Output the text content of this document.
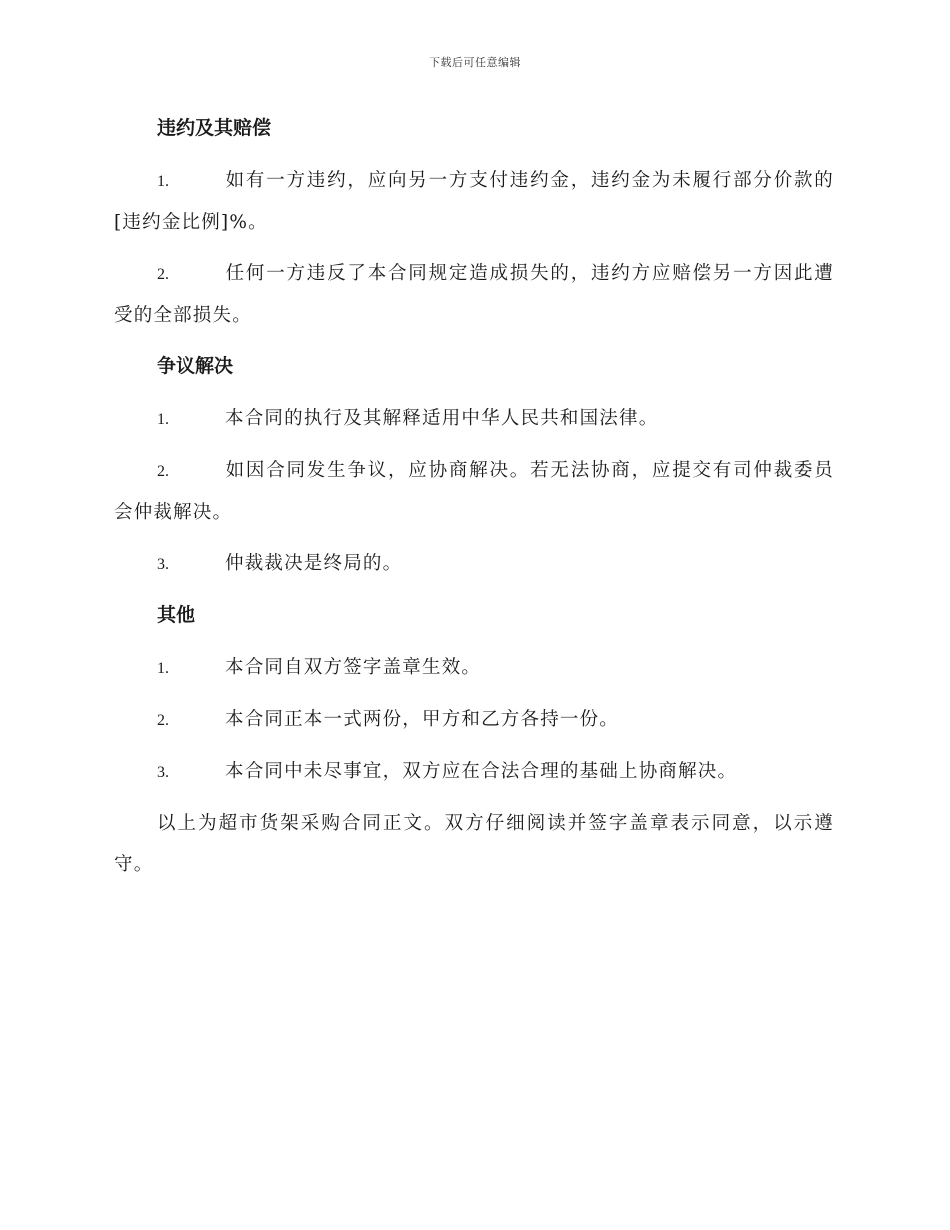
下载后可任意编辑
违约及其赔偿
1.	如有一方违约，应向另一方支付违约金，违约金为未履行部分价款的 [违约金比例]%。
2.	任何一方违反了本合同规定造成损失的，违约方应赔偿另一方因此遭受的全部损失。
争议解决
1.	本合同的执行及其解释适用中华人民共和国法律。
2.	如因合同发生争议，应协商解决。若无法协商，应提交有司仲裁委员会仲裁解决。
3.	仲裁裁决是终局的。
其他
1.	本合同自双方签字盖章生效。
2.	本合同正本一式两份，甲方和乙方各持一份。
3.	本合同中未尽事宜，双方应在合法合理的基础上协商解决。
以上为超市货架采购合同正文。双方仔细阅读并签字盖章表示同意，以示遵守。
